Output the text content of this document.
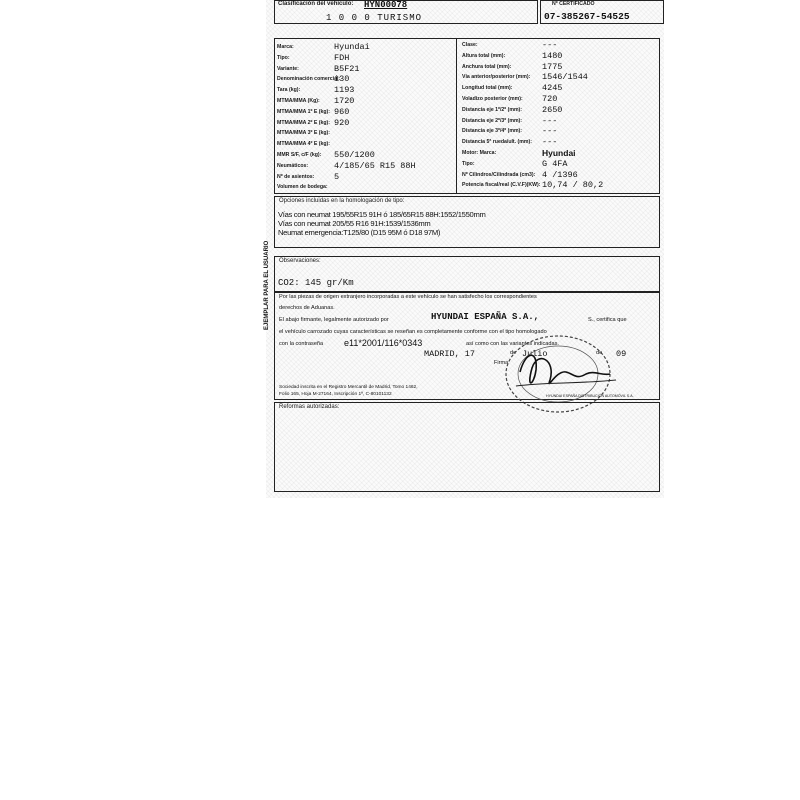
Clasificación del vehículo: HYN00078
1 0 0 0 TURISMO
Nº CERTIFICADO
07-385267-54525
Marca:	Hyundai
Tipo:	FDH
Variante:	B5F21
Denominación comercial:
i30
Tara (kg):	1193
MTMA/MMA (Kg): 1720
MTMA/MMA 1º E (kg): 960
MTMA/MMA 2º E (kg): 920
MTMA/MMA 3º E (kg):
MTMA/MMA 4º E (kg):
MMR S/F, c/F (kg): 550/1200
Neumáticos:	4/185/65 R15 88H
Nº de asientos: 5
Volumen de bodega:
Clase:	---
Altura total (mm):	1480
Anchura total (mm):	1775
Vía anterior/posterior (mm): 1546/1544
Longitud total (mm):	4245
Voladizo posterior (mm): 720
Distancia eje 1º/2º (mm): 2650
Distancia eje 2º/3º (mm): ---
Distancia eje 3º/4º (mm): ---
Distancia 5ª rueda/ult. (mm): ---
Motor: Marca:	Hyundai
Tipo:	G 4FA
Nº Cilindros/Cilindrada (cm3): 4 /1396
Potencia fiscal/real (C.V.F)(KW): 10,74 / 80,2
Opciones incluidas en la homologación de tipo:
Vías con neumat 195/55R15 91H ó 185/65R15 88H:1552/1550mm
Vías con neumat 205/55 R16 91H:1539/1536mm
Neumat emergencia:T125/80 (D15 95M ó D18 97M)
Observaciones:
CO2: 145 gr/Km
Por las piezas de origen extranjero incorporadas a este vehículo se han satisfecho los correspondientes
derechos de Aduanas.
El abajo firmante, legalmente autorizado por	HYUNDAI ESPAÑA S.A.,	S., certifica que
el vehículo carrozado cuyas características se reseñan es completamente conforme con el tipo homologado
con la contraseña e11*2001/116*0343	así como con las variantes indicadas.
MADRID, 17	de Julio	de 09
Firma
Sociedad inscrita en el Registro Mercantil de Madrid, Tomo 1462,
Folio 165, Hoja M-27164, Inscripción 1ª, C-80101132	HYUNDAI ESPAÑA DISTRIBUCIÓN AUTOMÓVIL S.A.
Reformas autorizadas:
EJEMPLAR PARA EL USUARIO
